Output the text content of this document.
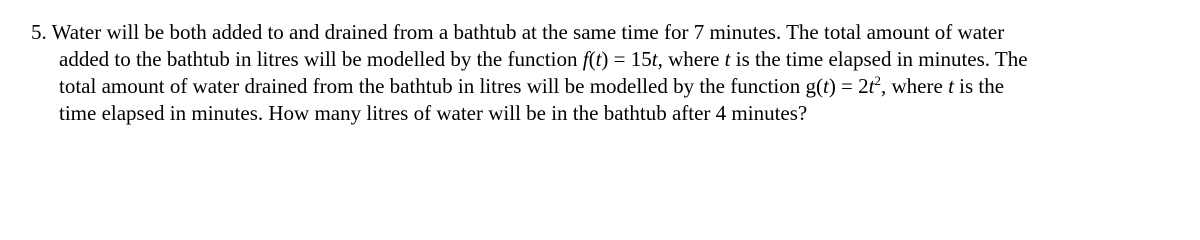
5. Water will be both added to and drained from a bathtub at the same time for 7 minutes. The total amount of water
added to the bathtub in litres will be modelled by the function f(t) = 15t, where t is the time elapsed in minutes. The
total amount of water drained from the bathtub in litres will be modelled by the function $g(t) = 2t^2$, where t is the
time elapsed in minutes. How many litres of water will be in the bathtub after 4 minutes?
